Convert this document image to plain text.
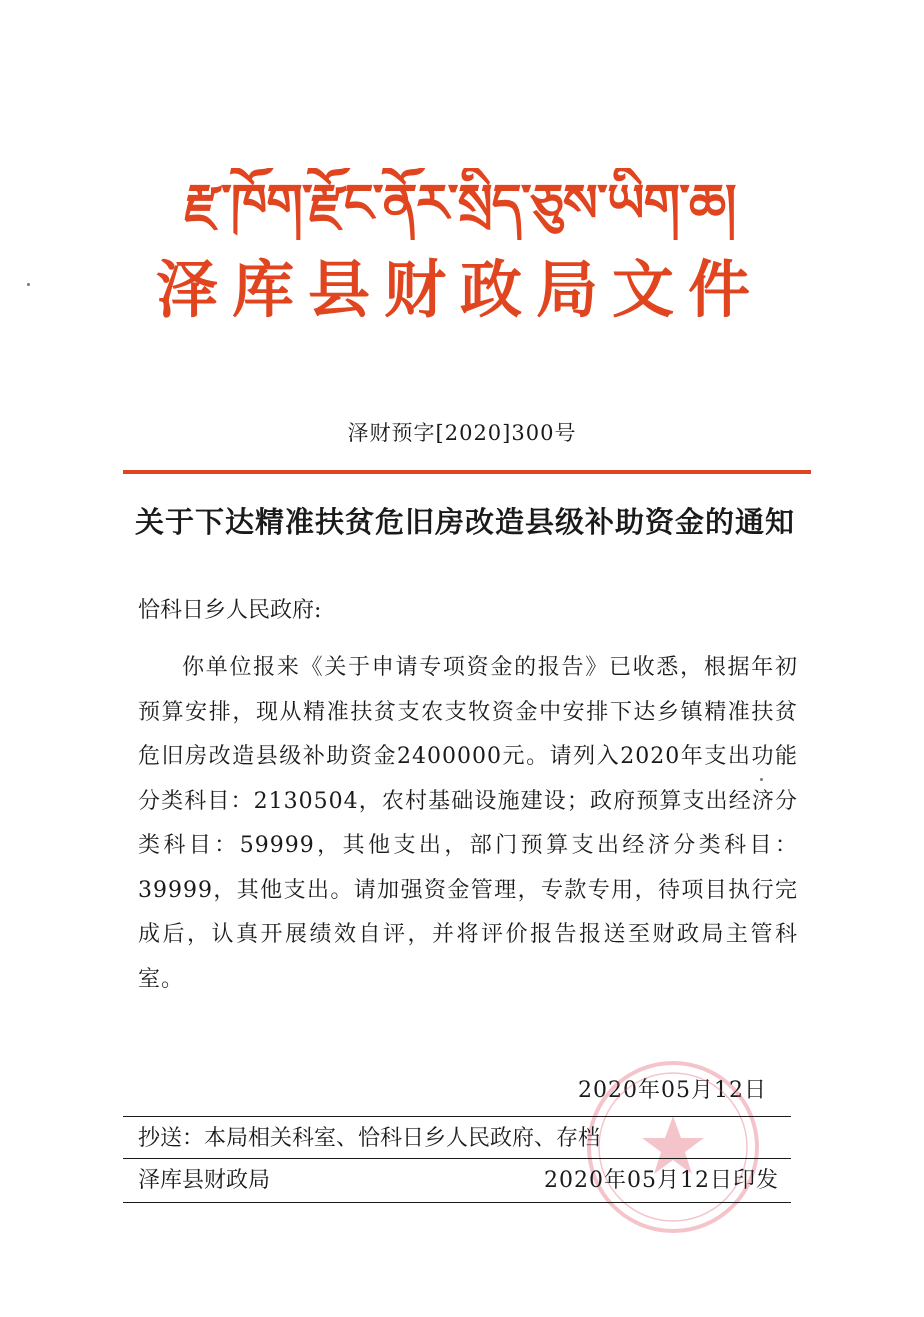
རྫ་ཁོག་རྫོང་ནོར་སྲིད་ཅུས་ཡིག་ཆ།
泽库县财政局文件
泽财预字[2020]300号
关于下达精准扶贫危旧房改造县级补助资金的通知
恰科日乡人民政府:
你单位报来《关于申请专项资金的报告》已收悉，根据年初预算安排，现从精准扶贫支农支牧资金中安排下达乡镇精准扶贫危旧房改造县级补助资金2400000元。请列入2020年支出功能分类科目：2130504，农村基础设施建设；政府预算支出经济分类科目：59999，其他支出，部门预算支出经济分类科目：39999，其他支出。请加强资金管理，专款专用，待项目执行完成后，认真开展绩效自评，并将评价报告报送至财政局主管科室。
2020年05月12日
抄送：本局相关科室、恰科日乡人民政府、存档
泽库县财政局	2020年05月12日印发
